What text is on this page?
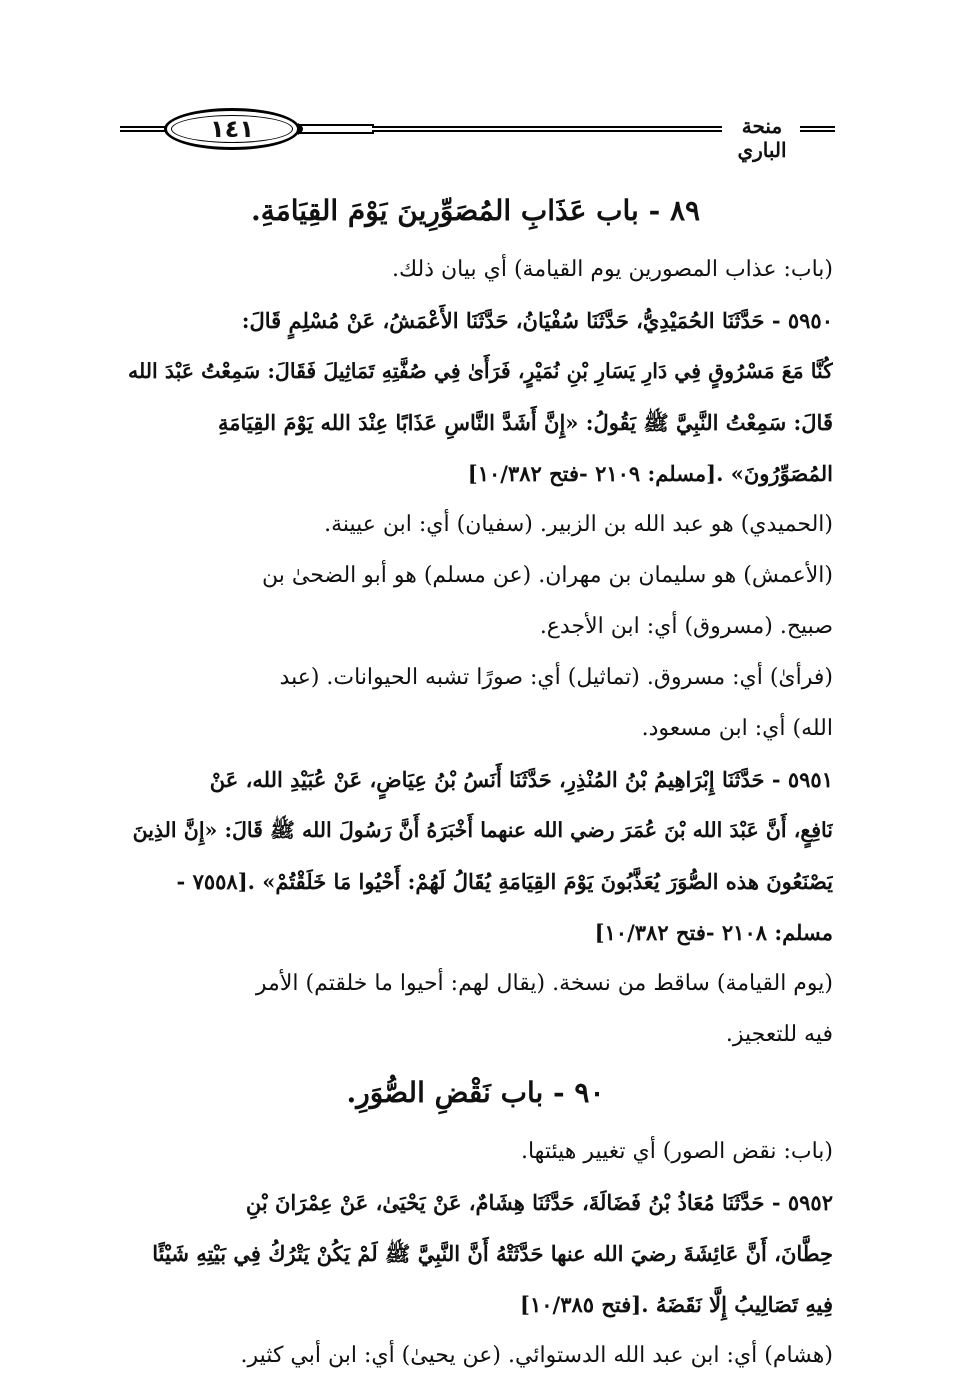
١٤١	منحة الباري
٨٩ - باب عَذَابِ المُصَوِّرِينَ يَوْمَ القِيَامَةِ.
(باب: عذاب المصورين يوم القيامة) أي بيان ذلك.
٥٩٥٠ - حَدَّثَنَا الحُمَيْدِيُّ، حَدَّثَنَا سُفْيَانُ، حَدَّثَنَا الأَعْمَشُ، عَنْ مُسْلِمٍ قَالَ:
كُنَّا مَعَ مَسْرُوقٍ فِي دَارِ يَسَارِ بْنِ نُمَيْرٍ، فَرَأَىٰ فِي صُفَّتِهِ تَمَاثِيلَ فَقَالَ: سَمِعْتُ عَبْدَ الله
قَالَ: سَمِعْتُ النَّبِيَّ ﷺ يَقُولُ: «إِنَّ أَشَدَّ النَّاسِ عَذَابًا عِنْدَ الله يَوْمَ القِيَامَةِ
المُصَوِّرُونَ» .[مسلم: ٢١٠٩ -فتح ١٠/٣٨٢]
(الحميدي) هو عبد الله بن الزبير. (سفيان) أي: ابن عيينة.
(الأعمش) هو سليمان بن مهران. (عن مسلم) هو أبو الضحىٰ بن
صبيح. (مسروق) أي: ابن الأجدع.
(فرأىٰ) أي: مسروق. (تماثيل) أي: صورًا تشبه الحيوانات. (عبد
الله) أي: ابن مسعود.
٥٩٥١ - حَدَّثَنَا إِبْرَاهِيمُ بْنُ المُنْذِرِ، حَدَّثَنَا أَنَسُ بْنُ عِيَاضٍ، عَنْ عُبَيْدِ الله، عَنْ
نَافِعٍ، أَنَّ عَبْدَ الله بْنَ عُمَرَ رضي الله عنهما أَخْبَرَهُ أَنَّ رَسُولَ الله ﷺ قَالَ: «إِنَّ الذِينَ
يَصْنَعُونَ هذه الصُّوَرَ يُعَذَّبُونَ يَوْمَ القِيَامَةِ يُقَالُ لَهُمْ: أَحْيُوا مَا خَلَقْتُمْ» .[٧٥٥٨ -
مسلم: ٢١٠٨ -فتح ١٠/٣٨٢]
(يوم القيامة) ساقط من نسخة. (يقال لهم: أحيوا ما خلقتم) الأمر
فيه للتعجيز.
٩٠ - باب نَقْضِ الصُّوَرِ.
(باب: نقض الصور) أي تغيير هيئتها.
٥٩٥٢ - حَدَّثَنَا مُعَاذُ بْنُ فَضَالَةَ، حَدَّثَنَا هِشَامٌ، عَنْ يَحْيَىٰ، عَنْ عِمْرَانَ بْنِ
حِطَّانَ، أَنَّ عَائِشَةَ رضيَ الله عنها حَدَّثَتْهُ أَنَّ النَّبِيَّ ﷺ لَمْ يَكُنْ يَتْرُكُ فِي بَيْتِهِ شَيْئًا
فِيهِ تَصَالِيبُ إِلَّا نَقَضَهُ .[فتح ١٠/٣٨٥]
(هشام) أي: ابن عبد الله الدستوائي. (عن يحيىٰ) أي: ابن أبي كثير.
